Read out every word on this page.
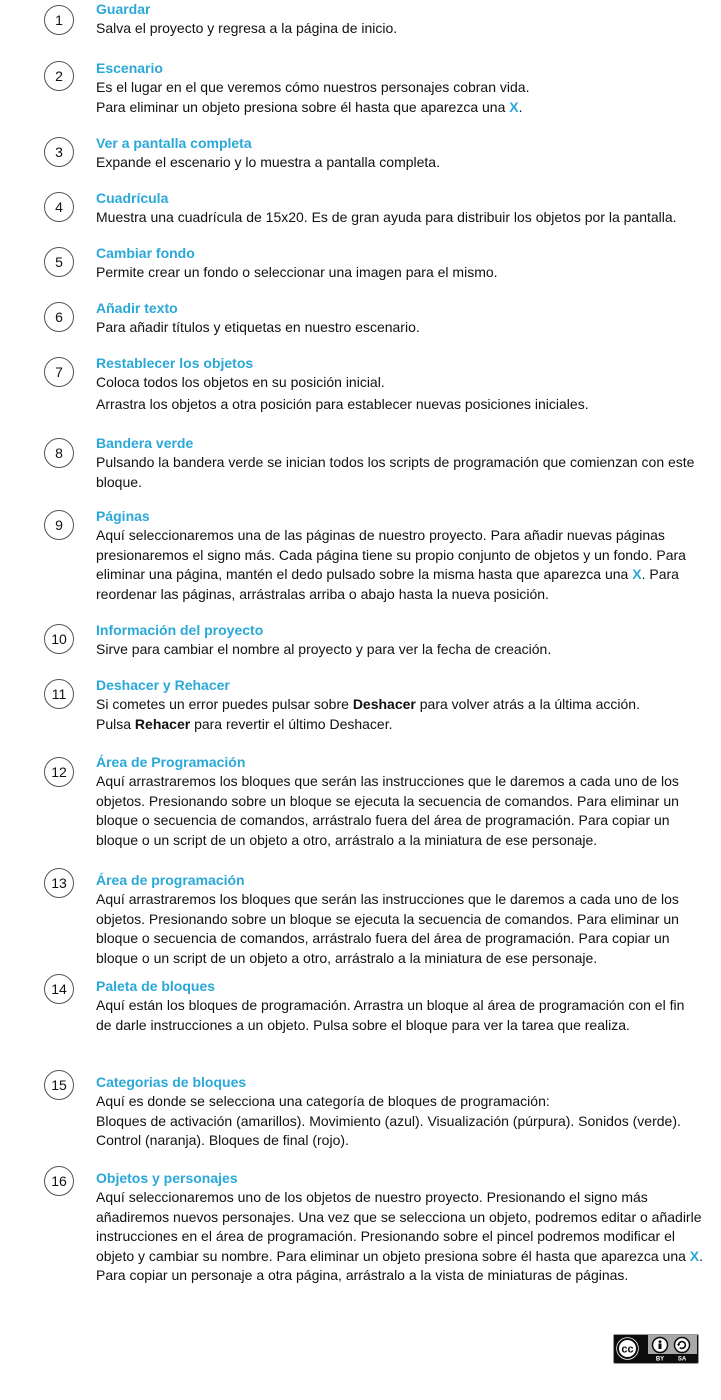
1

Guardar

Salva el proyecto y regresa a la página de inicio.

2 Escenario

Es el lugar en el que veremos cómo nuestros personajes cobran vida.

Para eliminar un objeto presiona sobre él hasta que aparezca una X.

3

Ver a pantalla completa

Expande el escenario y lo muestra a pantalla completa.

4

Cuadrícula

Muestra una cuadrícula de 15x20. Es de gran ayuda para distribuir los objetos por la pantalla.

5

Cambiar fondo

Permite crear un fondo o seleccionar una imagen para el mismo.

6

Añadir texto

Para añadir títulos y etiquetas en nuestro escenario.

7

Restablecer los objetos

Coloca todos los objetos en su posición inicial.

Arrastra los objetos a otra posición para establecer nuevas posiciones iniciales.

8

Bandera verde

Pulsando la bandera verde se inician todos los scripts de programación que comienzan con este bloque.

9

Páginas

Aquí seleccionaremos una de las páginas de nuestro proyecto. Para añadir nuevas páginas presionaremos el signo más. Cada página tiene su propio conjunto de objetos y un fondo. Para eliminar una página, mantén el dedo pulsado sobre la misma hasta que aparezca una X. Para reordenar las páginas, arrástralas arriba o abajo hasta la nueva posición.

10

Información del proyecto

Sirve para cambiar el nombre al proyecto y para ver la fecha de creación.

11

Deshacer y Rehacer

Si cometes un error puedes pulsar sobre Deshacer para volver atrás a la última acción.

Pulsa Rehacer para revertir el último Deshacer.

12

Área de Programación

Aquí arrastraremos los bloques que serán las instrucciones que le daremos a cada uno de los objetos. Presionando sobre un bloque se ejecuta la secuencia de comandos. Para eliminar un bloque o secuencia de comandos, arrástralo fuera del área de programación. Para copiar un bloque o un script de un objeto a otro, arrástralo a la miniatura de ese personaje.

13 Área de programación

Aquí arrastraremos los bloques que serán las instrucciones que le daremos a cada uno de los objetos. Presionando sobre un bloque se ejecuta la secuencia de comandos. Para eliminar un bloque o secuencia de comandos, arrástralo fuera del área de programación. Para copiar un bloque o un script de un objeto a otro, arrástralo a la miniatura de ese personaje.

14 Paleta de bloques

Aquí están los bloques de programación. Arrastra un bloque al área de programación con el fin de darle instrucciones a un objeto. Pulsa sobre el bloque para ver la tarea que realiza.

15 Categorias de bloques

Aquí es donde se selecciona una categoría de bloques de programación:

Bloques de activación (amarillos). Movimiento (azul). Visualización (púrpura). Sonidos (verde). Control (naranja). Bloques de final (rojo).

16 Objetos y personajes

Aquí seleccionaremos uno de los objetos de nuestro proyecto. Presionando el signo más añadiremos nuevos personajes. Una vez que se selecciona un objeto, podremos editar o añadirle instrucciones en el área de programación. Presionando sobre el pincel podremos modificar el objeto y cambiar su nombre. Para eliminar un objeto presiona sobre él hasta que aparezca una X. Para copiar un personaje a otra página, arrástralo a la vista de miniaturas de páginas.

cc
BY SA
